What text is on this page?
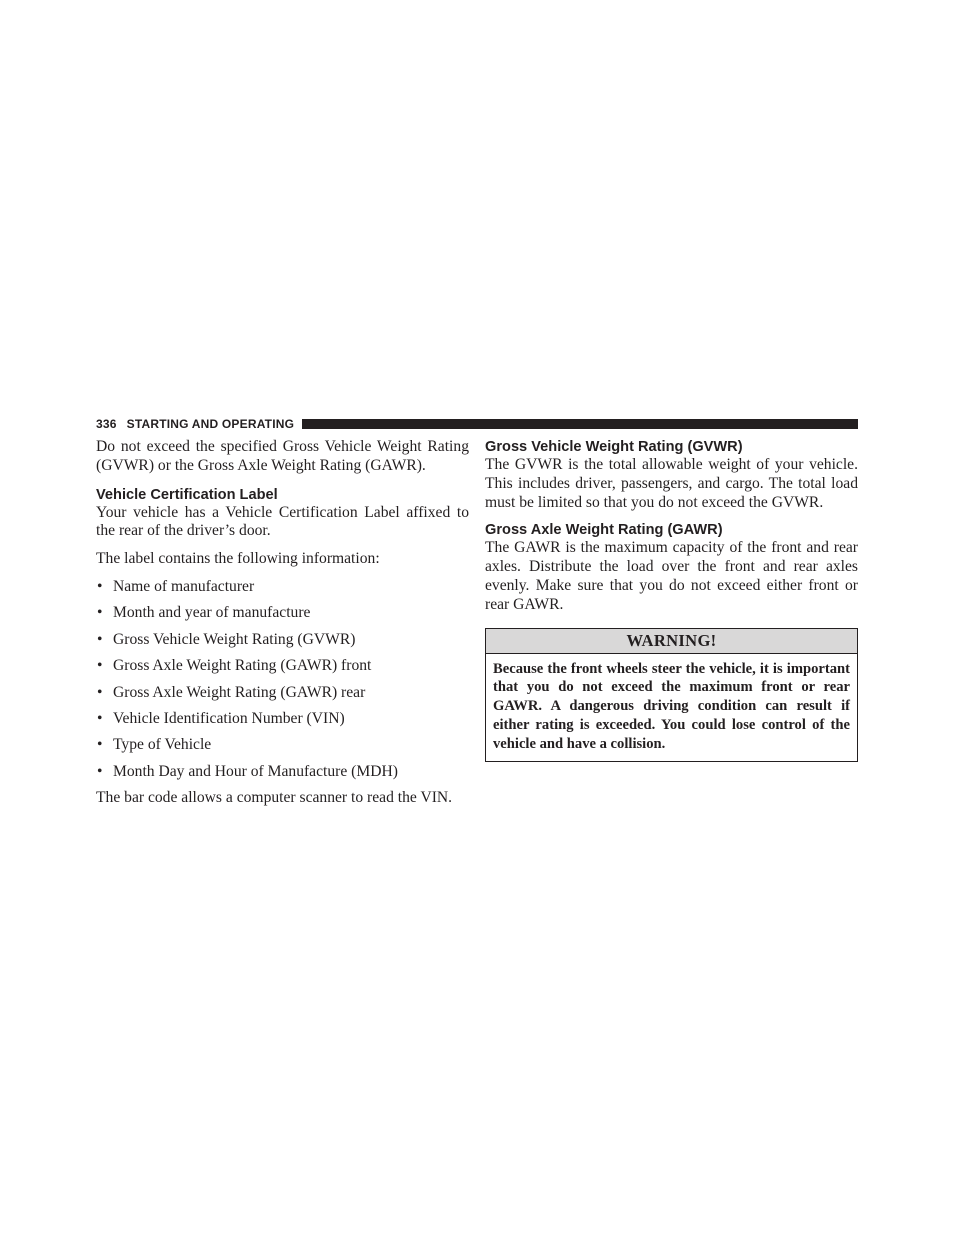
336 STARTING AND OPERATING

Do not exceed the specified Gross Vehicle Weight Rating (GVWR) or the Gross Axle Weight Rating (GAWR).

Vehicle Certification Label

Your vehicle has a Vehicle Certification Label affixed to the rear of the driver’s door.

The label contains the following information:

• Name of manufacturer
• Month and year of manufacture
• Gross Vehicle Weight Rating (GVWR)
• Gross Axle Weight Rating (GAWR) front
• Gross Axle Weight Rating (GAWR) rear
• Vehicle Identification Number (VIN)
• Type of Vehicle
• Month Day and Hour of Manufacture (MDH)

The bar code allows a computer scanner to read the VIN.

Gross Vehicle Weight Rating (GVWR)

The GVWR is the total allowable weight of your vehicle. This includes driver, passengers, and cargo. The total load must be limited so that you do not exceed the GVWR.

Gross Axle Weight Rating (GAWR)

The GAWR is the maximum capacity of the front and rear axles. Distribute the load over the front and rear axles evenly. Make sure that you do not exceed either front or rear GAWR.

WARNING!
Because the front wheels steer the vehicle, it is important that you do not exceed the maximum front or rear GAWR. A dangerous driving condition can result if either rating is exceeded. You could lose control of the vehicle and have a collision.
